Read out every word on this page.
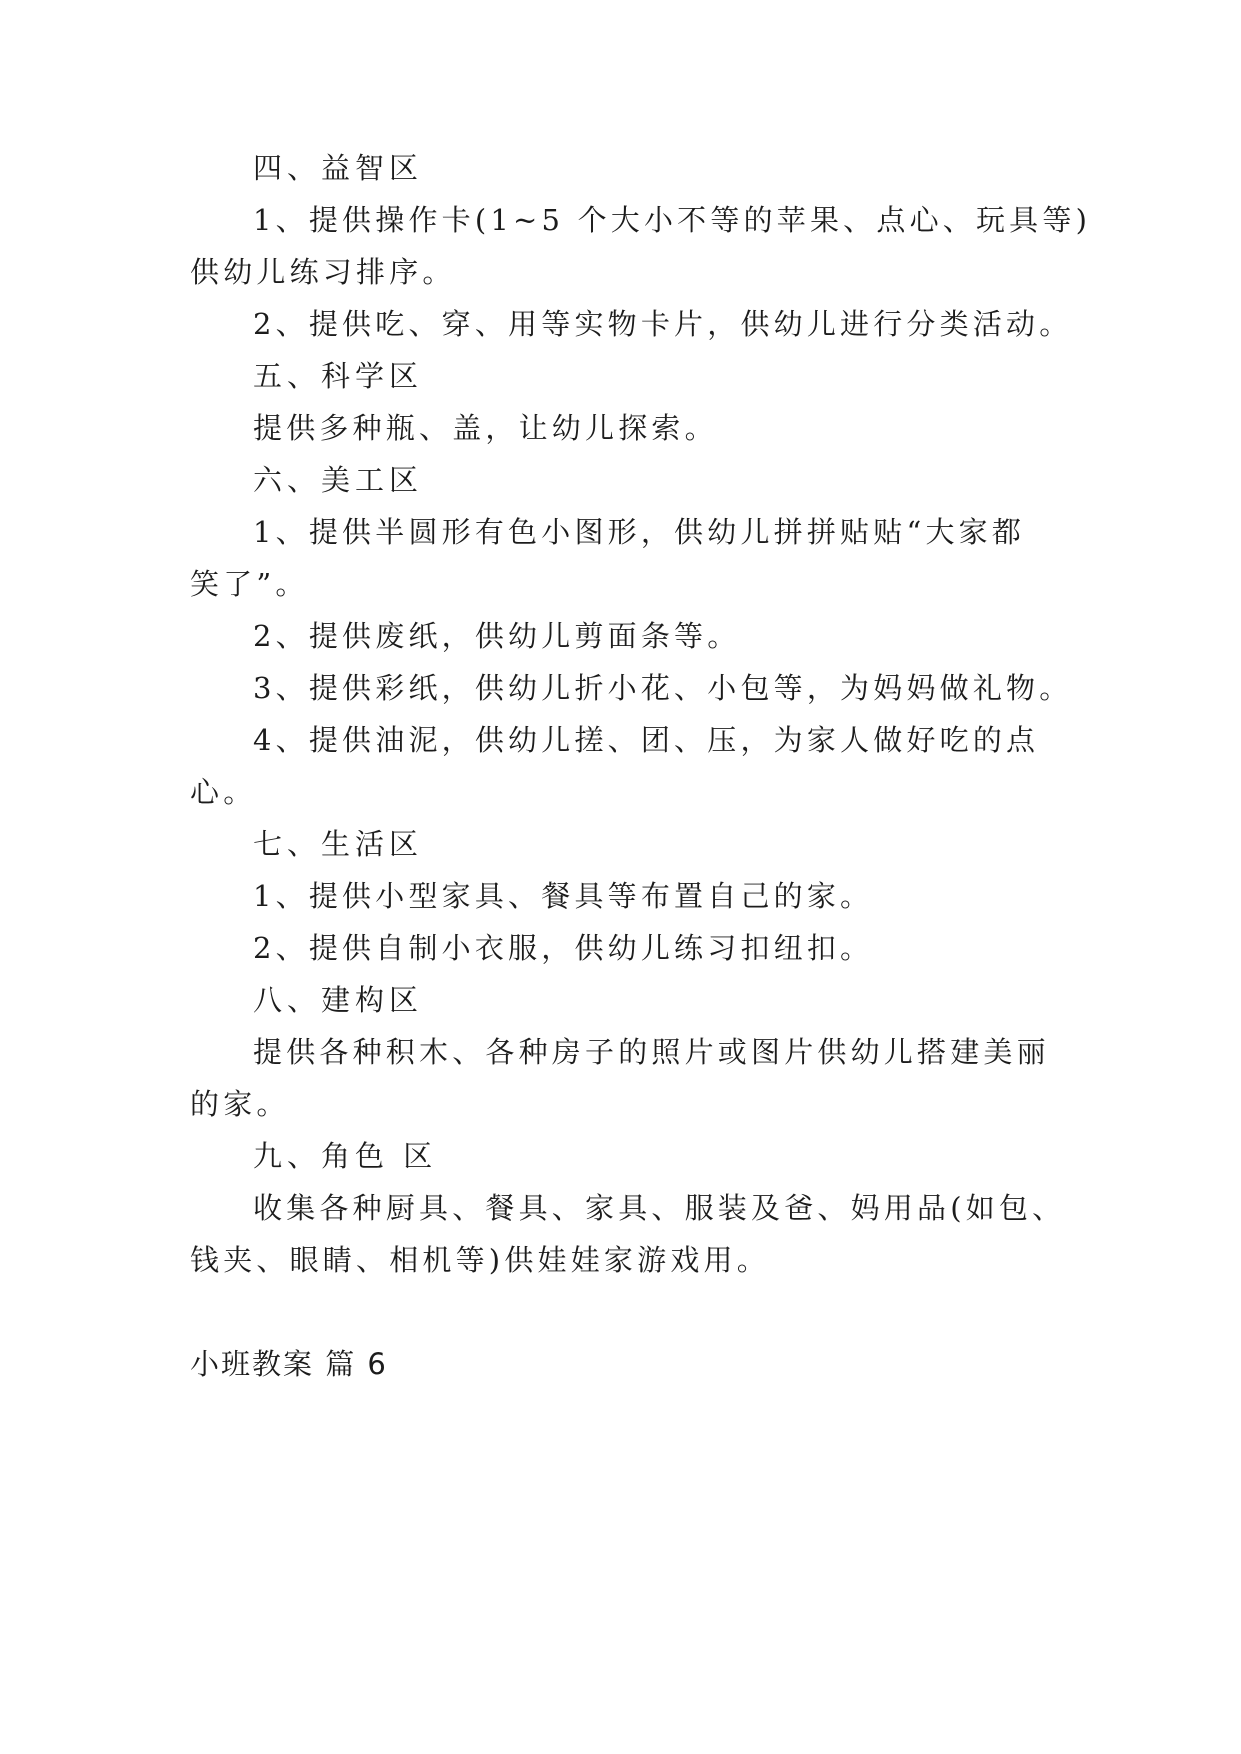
四、益智区
1、提供操作卡(1~5 个大小不等的苹果、点心、玩具等)
供幼儿练习排序。
2、提供吃、穿、用等实物卡片，供幼儿进行分类活动。
五、科学区
提供多种瓶、盖，让幼儿探索。
六、美工区
1、提供半圆形有色小图形，供幼儿拼拼贴贴“大家都
笑了”。
2、提供废纸，供幼儿剪面条等。
3、提供彩纸，供幼儿折小花、小包等，为妈妈做礼物。
4、提供油泥，供幼儿搓、团、压，为家人做好吃的点
心。
七、生活区
1、提供小型家具、餐具等布置自己的家。
2、提供自制小衣服，供幼儿练习扣纽扣。
八、建构区
提供各种积木、各种房子的照片或图片供幼儿搭建美丽
的家。
九、角色 区
收集各种厨具、餐具、家具、服装及爸、妈用品(如包、
钱夹、眼睛、相机等)供娃娃家游戏用。
小班教案 篇 6
